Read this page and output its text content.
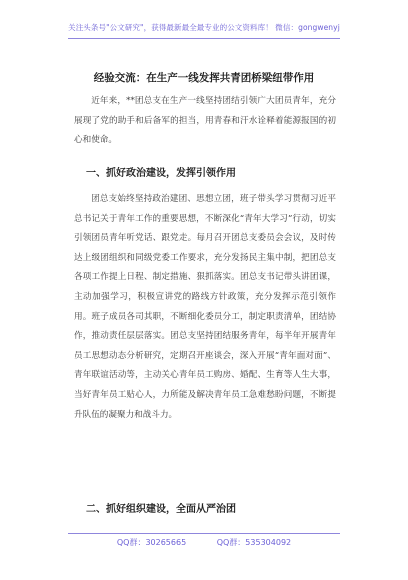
关注头条号"公文研究"，获得最新最全最专业的公文资料库！ 微信：gongwenyj
经验交流：在生产一线发挥共青团桥梁纽带作用

近年来，**团总支在生产一线坚持团结引领广大团员青年，充分展现了党的助手和后备军的担当，用青春和汗水诠释着能源报国的初心和使命。

一、抓好政治建设，发挥引领作用

团总支始终坚持政治建团、思想立团，班子带头学习贯彻习近平总书记关于青年工作的重要思想，不断深化“青年大学习”行动，切实引领团员青年听党话、跟党走。每月召开团总支委员会会议，及时传达上级团组织和同级党委工作要求，充分发扬民主集中制，把团总支各项工作提上日程、制定措施、狠抓落实。团总支书记带头讲团课，主动加强学习，积极宣讲党的路线方针政策，充分发挥示范引领作用。班子成员各司其职，不断细化委员分工，制定职责清单，团结协作，推动责任层层落实。团总支坚持团结服务青年，每半年开展青年员工思想动态分析研究，定期召开座谈会，深入开展“青年面对面”、青年联谊活动等，主动关心青年员工购房、婚配、生育等人生大事，当好青年员工贴心人，力所能及解决青年员工急难愁盼问题，不断提升队伍的凝聚力和战斗力。

二、抓好组织建设，全面从严治团

QQ群：30265665	QQ群：535304092
